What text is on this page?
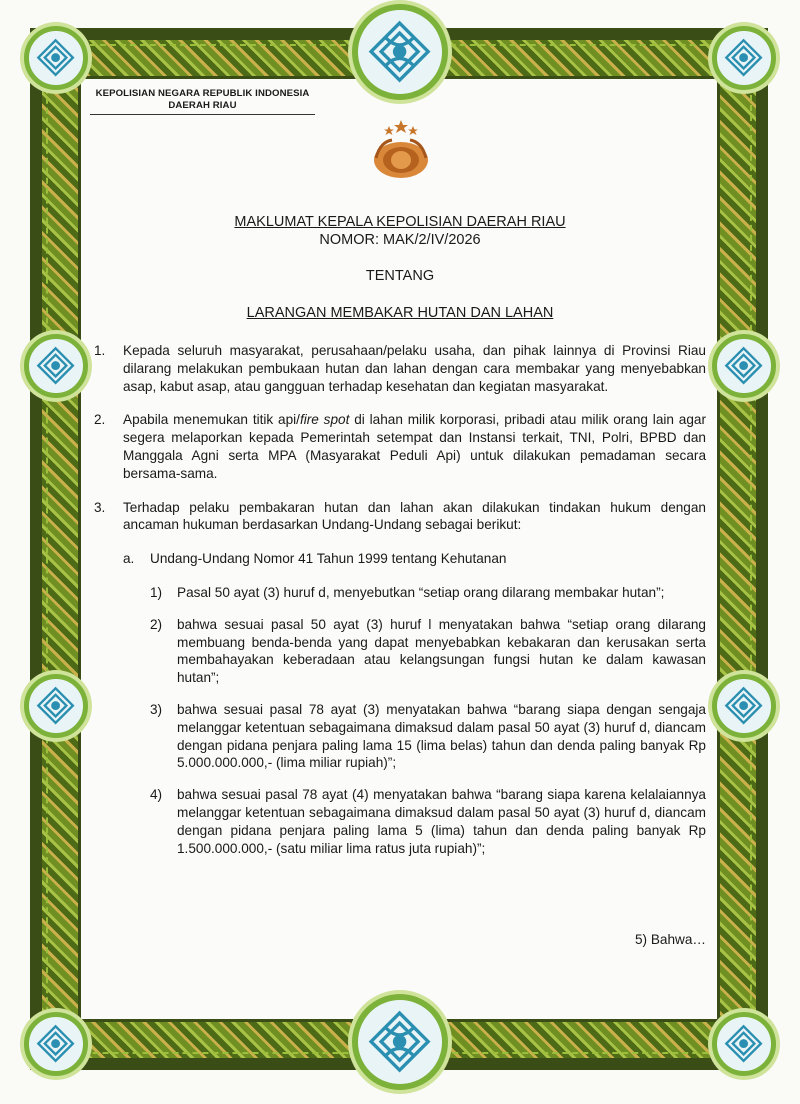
KEPOLISIAN NEGARA REPUBLIK INDONESIA
DAERAH RIAU
MAKLUMAT KEPALA KEPOLISIAN DAERAH RIAU
NOMOR: MAK/2/IV/2026
TENTANG
LARANGAN MEMBAKAR HUTAN DAN LAHAN
1. Kepada seluruh masyarakat, perusahaan/pelaku usaha, dan pihak lainnya di Provinsi Riau dilarang melakukan pembukaan hutan dan lahan dengan cara membakar yang menyebabkan asap, kabut asap, atau gangguan terhadap kesehatan dan kegiatan masyarakat.
2. Apabila menemukan titik api/fire spot di lahan milik korporasi, pribadi atau milik orang lain agar segera melaporkan kepada Pemerintah setempat dan Instansi terkait, TNI, Polri, BPBD dan Manggala Agni serta MPA (Masyarakat Peduli Api) untuk dilakukan pemadaman secara bersama-sama.
3. Terhadap pelaku pembakaran hutan dan lahan akan dilakukan tindakan hukum dengan ancaman hukuman berdasarkan Undang-Undang sebagai berikut:
a. Undang-Undang Nomor 41 Tahun 1999 tentang Kehutanan
1) Pasal 50 ayat (3) huruf d, menyebutkan “setiap orang dilarang membakar hutan”;
2) bahwa sesuai pasal 50 ayat (3) huruf l menyatakan bahwa “setiap orang dilarang membuang benda-benda yang dapat menyebabkan kebakaran dan kerusakan serta membahayakan keberadaan atau kelangsungan fungsi hutan ke dalam kawasan hutan”;
3) bahwa sesuai pasal 78 ayat (3) menyatakan bahwa “barang siapa dengan sengaja melanggar ketentuan sebagaimana dimaksud dalam pasal 50 ayat (3) huruf d, diancam dengan pidana penjara paling lama 15 (lima belas) tahun dan denda paling banyak Rp 5.000.000.000,- (lima miliar rupiah)”;
4) bahwa sesuai pasal 78 ayat (4) menyatakan bahwa “barang siapa karena kelalaiannya melanggar ketentuan sebagaimana dimaksud dalam pasal 50 ayat (3) huruf d, diancam dengan pidana penjara paling lama 5 (lima) tahun dan denda paling banyak Rp 1.500.000.000,- (satu miliar lima ratus juta rupiah)”;
5) Bahwa…
